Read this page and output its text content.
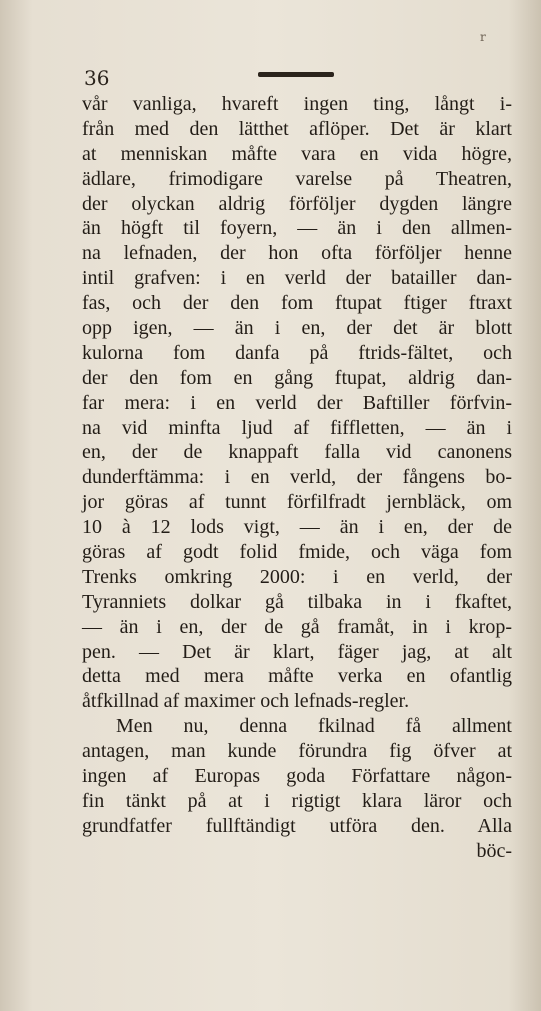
r
36
vår vanliga, hvareft ingen ting, långt i-
från med den lätthet aflöper. Det är klart
at menniskan måfte vara en vida högre,
ädlare, frimodigare varelse på Theatren,
der olyckan aldrig förföljer dygden längre
än högft til foyern, — än i den allmen-
na lefnaden, der hon ofta förföljer henne
intil grafven: i en verld der batailler dan-
fas, och der den fom ftupat ftiger ftraxt
opp igen, — än i en, der det är blott
kulorna fom danfa på ftrids-fältet, och
der den fom en gång ftupat, aldrig dan-
far mera: i en verld der Baftiller förfvin-
na vid minfta ljud af fiffletten, — än i
en, der de knappaft falla vid canonens
dunderftämma: i en verld, der fångens bo-
jor göras af tunnt förfilfradt jernbläck, om
10 à 12 lods vigt, — än i en, der de
göras af godt folid fmide, och väga fom
Trenks omkring 2000: i en verld, der
Tyranniets dolkar gå tilbaka in i fkaftet,
— än i en, der de gå framåt, in i krop-
pen. — Det är klart, fäger jag, at alt
detta med mera måfte verka en ofantlig
åtfkillnad af maximer och lefnads-regler.
Men nu, denna fkilnad få allment
antagen, man kunde förundra fig öfver at
ingen af Europas goda Författare någon-
fin tänkt på at i rigtigt klara läror och
grundfatfer fullftändigt utföra den. Alla
böc-
